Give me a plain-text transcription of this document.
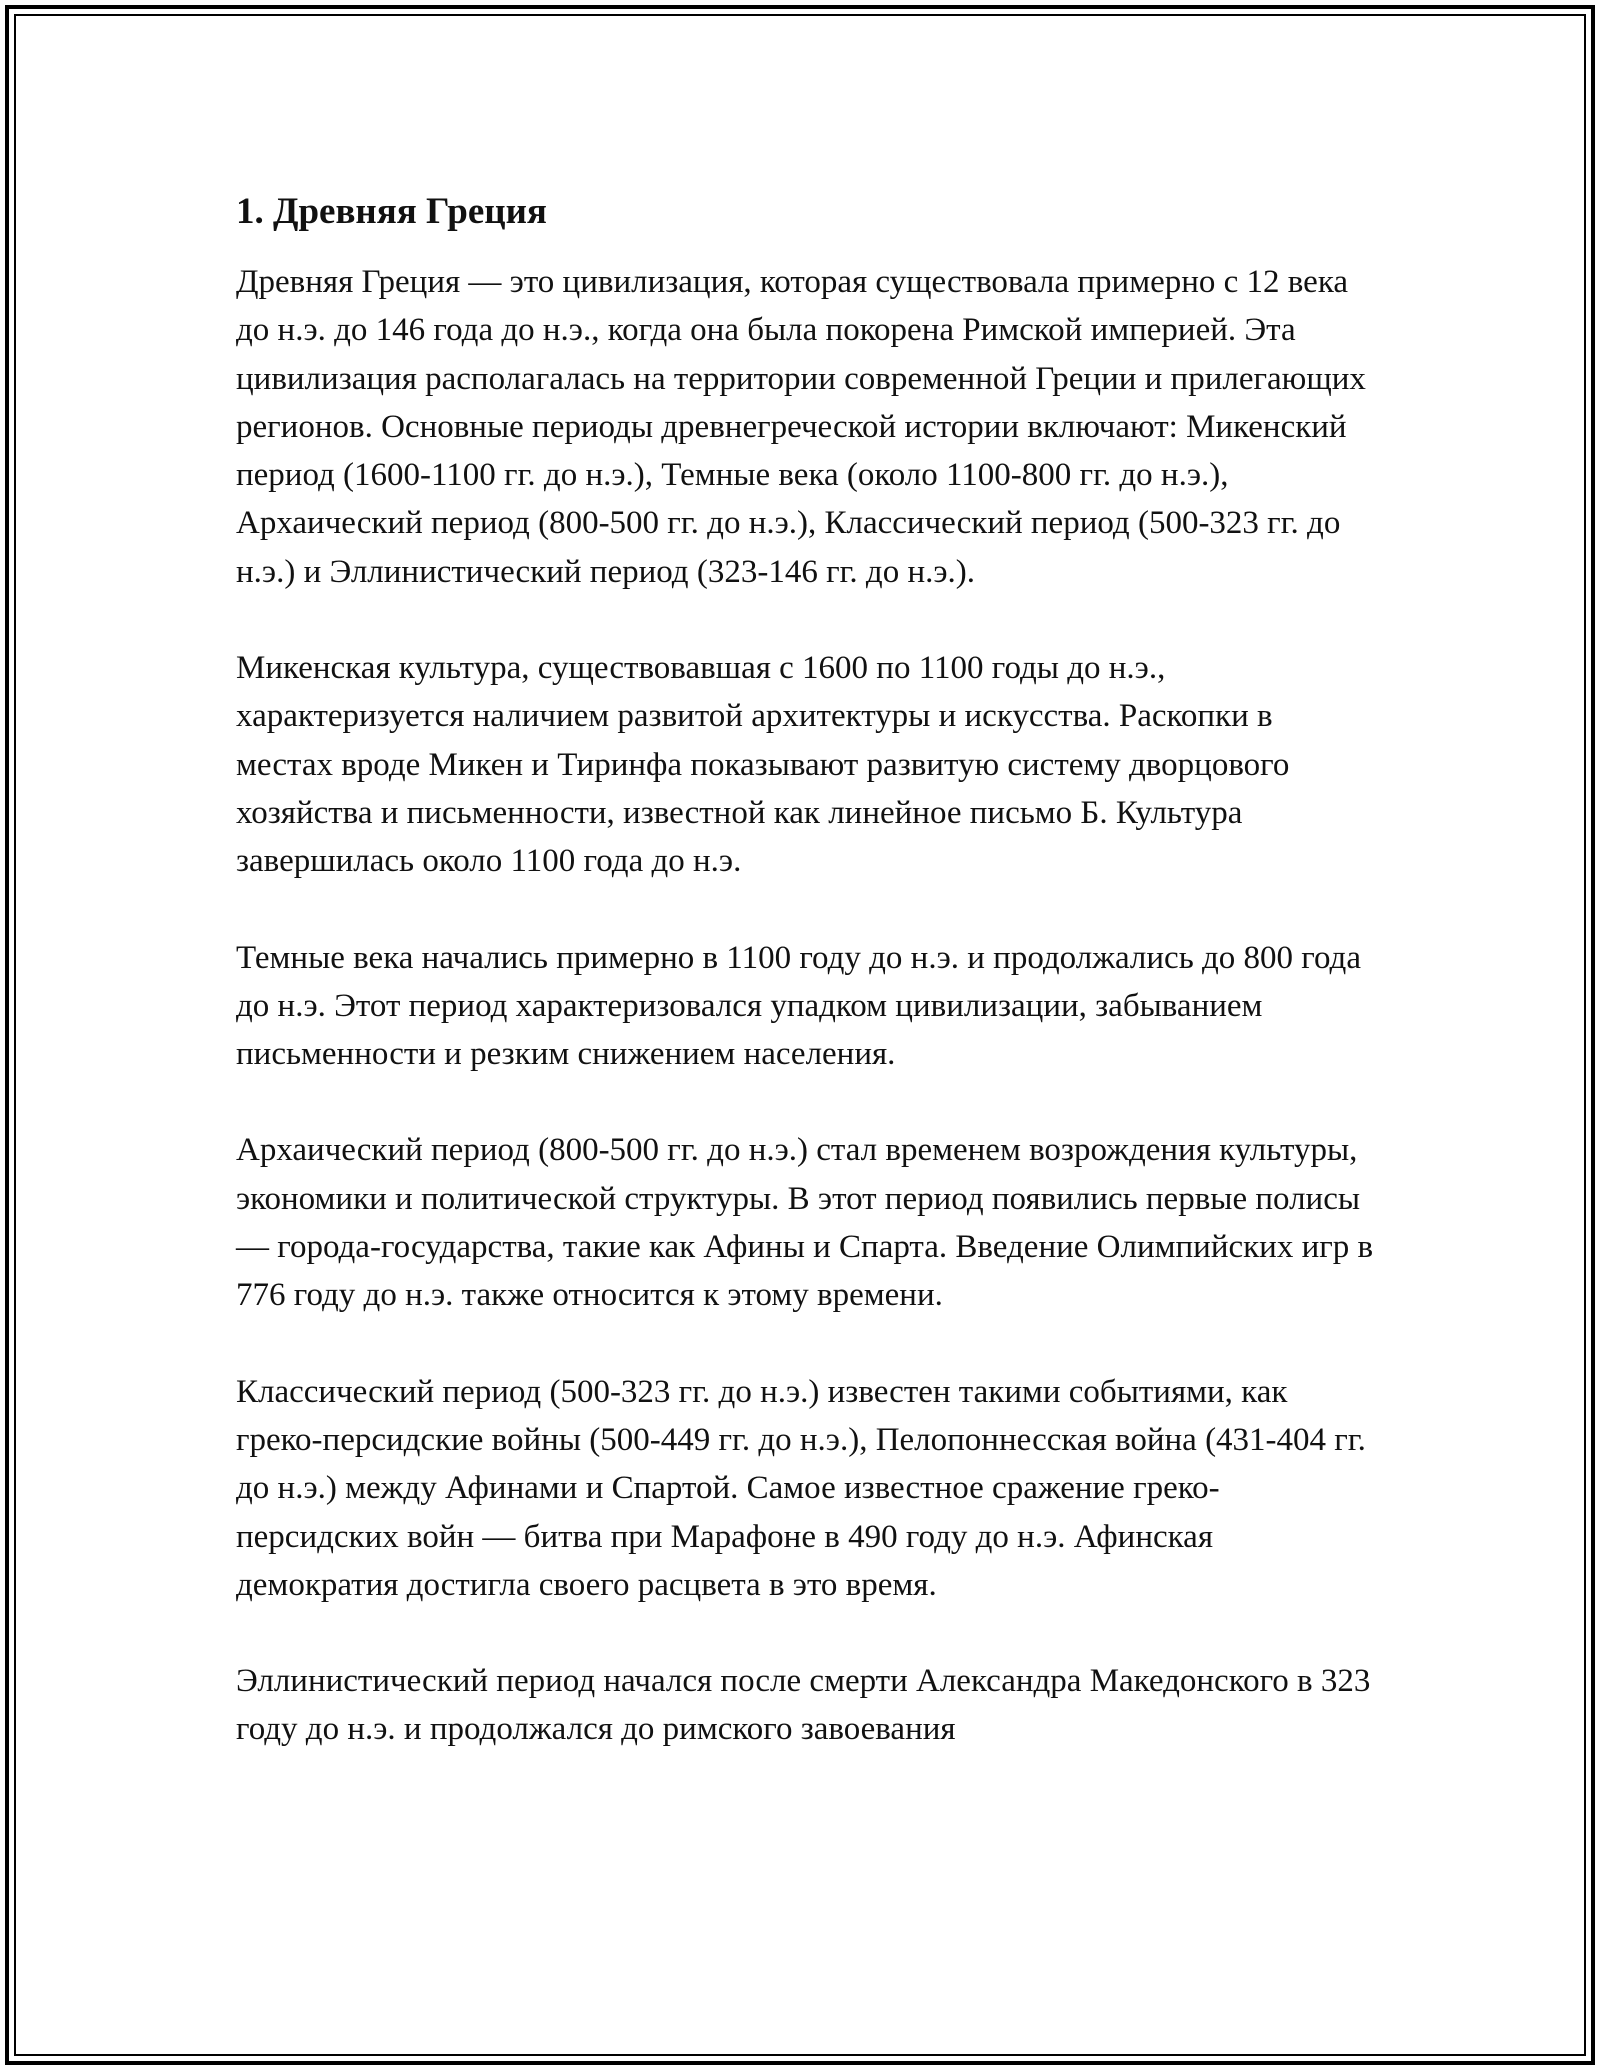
1. Древняя Греция

Древняя Греция — это цивилизация, которая существовала примерно с 12 века до н.э. до 146 года до н.э., когда она была покорена Римской империей. Эта цивилизация располагалась на территории современной Греции и прилегающих регионов. Основные периоды древнегреческой истории включают: Микенский период (1600-1100 гг. до н.э.), Темные века (около 1100-800 гг. до н.э.), Архаический период (800-500 гг. до н.э.), Классический период (500-323 гг. до н.э.) и Эллинистический период (323-146 гг. до н.э.).

Микенская культура, существовавшая с 1600 по 1100 годы до н.э., характеризуется наличием развитой архитектуры и искусства. Раскопки в местах вроде Микен и Тиринфа показывают развитую систему дворцового хозяйства и письменности, известной как линейное письмо Б. Культура завершилась около 1100 года до н.э.

Темные века начались примерно в 1100 году до н.э. и продолжались до 800 года до н.э. Этот период характеризовался упадком цивилизации, забыванием письменности и резким снижением населения.

Архаический период (800-500 гг. до н.э.) стал временем возрождения культуры, экономики и политической структуры. В этот период появились первые полисы — города-государства, такие как Афины и Спарта. Введение Олимпийских игр в 776 году до н.э. также относится к этому времени.

Классический период (500-323 гг. до н.э.) известен такими событиями, как греко-персидские войны (500-449 гг. до н.э.), Пелопоннесская война (431-404 гг. до н.э.) между Афинами и Спартой. Самое известное сражение греко-персидских войн — битва при Марафоне в 490 году до н.э. Афинская демократия достигла своего расцвета в это время.

Эллинистический период начался после смерти Александра Македонского в 323 году до н.э. и продолжался до римского завоевания
